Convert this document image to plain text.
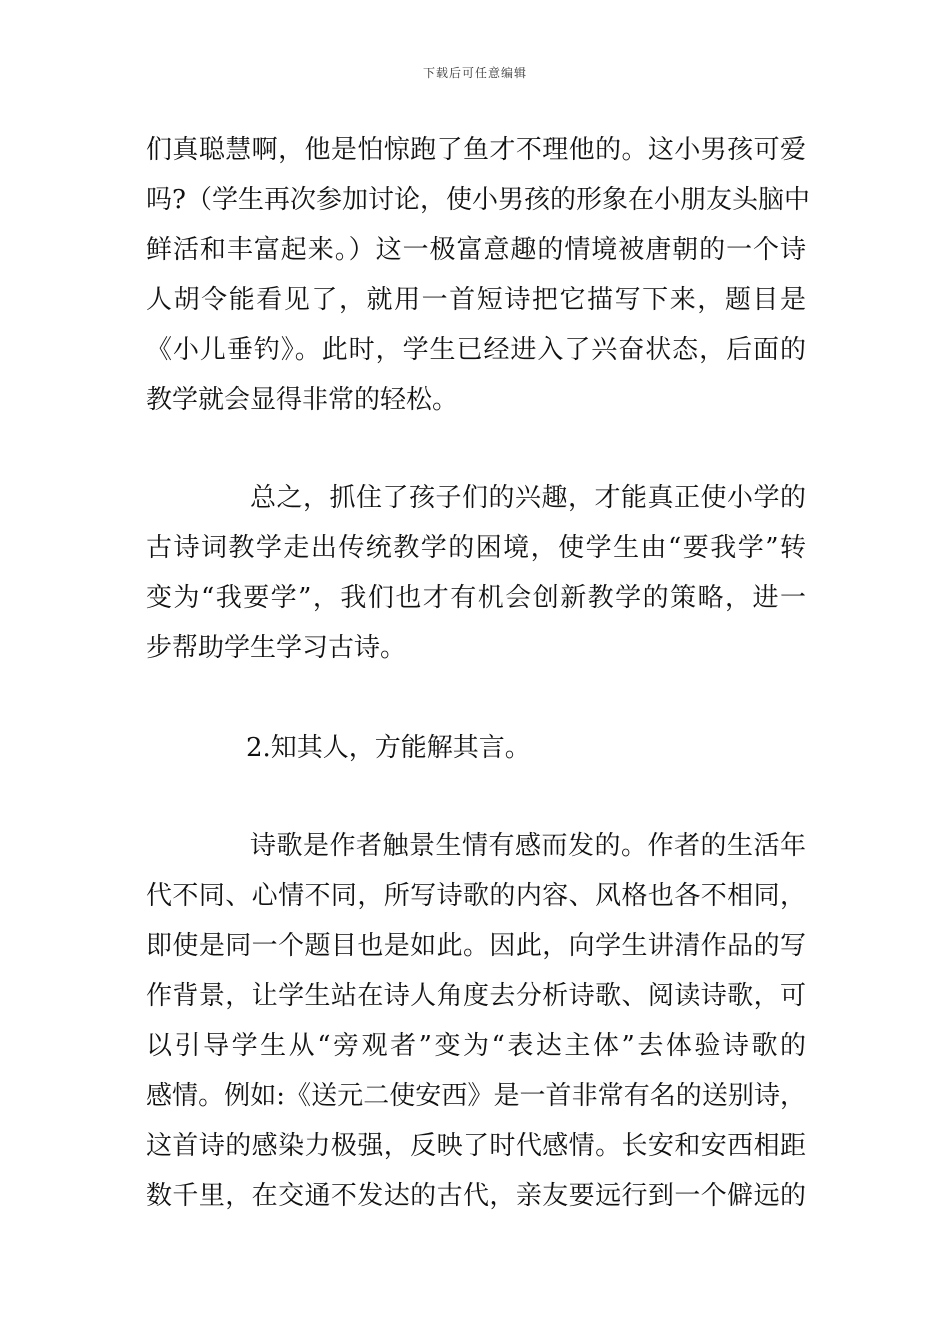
下载后可任意编辑
们真聪慧啊，他是怕惊跑了鱼才不理他的。这小男孩可爱
吗?（学生再次参加讨论，使小男孩的形象在小朋友头脑中
鲜活和丰富起来。）这一极富意趣的情境被唐朝的一个诗
人胡令能看见了，就用一首短诗把它描写下来，题目是
《小儿垂钓》。此时，学生已经进入了兴奋状态，后面的
教学就会显得非常的轻松。
总之，抓住了孩子们的兴趣，才能真正使小学的
古诗词教学走出传统教学的困境，使学生由“要我学”转
变为“我要学”，我们也才有机会创新教学的策略，进一
步帮助学生学习古诗。
2.知其人，方能解其言。
诗歌是作者触景生情有感而发的。作者的生活年
代不同、心情不同，所写诗歌的内容、风格也各不相同，
即使是同一个题目也是如此。因此，向学生讲清作品的写
作背景，让学生站在诗人角度去分析诗歌、阅读诗歌，可
以引导学生从“旁观者”变为“表达主体”去体验诗歌的
感情。例如:《送元二使安西》是一首非常有名的送别诗，
这首诗的感染力极强，反映了时代感情。长安和安西相距
数千里，在交通不发达的古代，亲友要远行到一个僻远的
